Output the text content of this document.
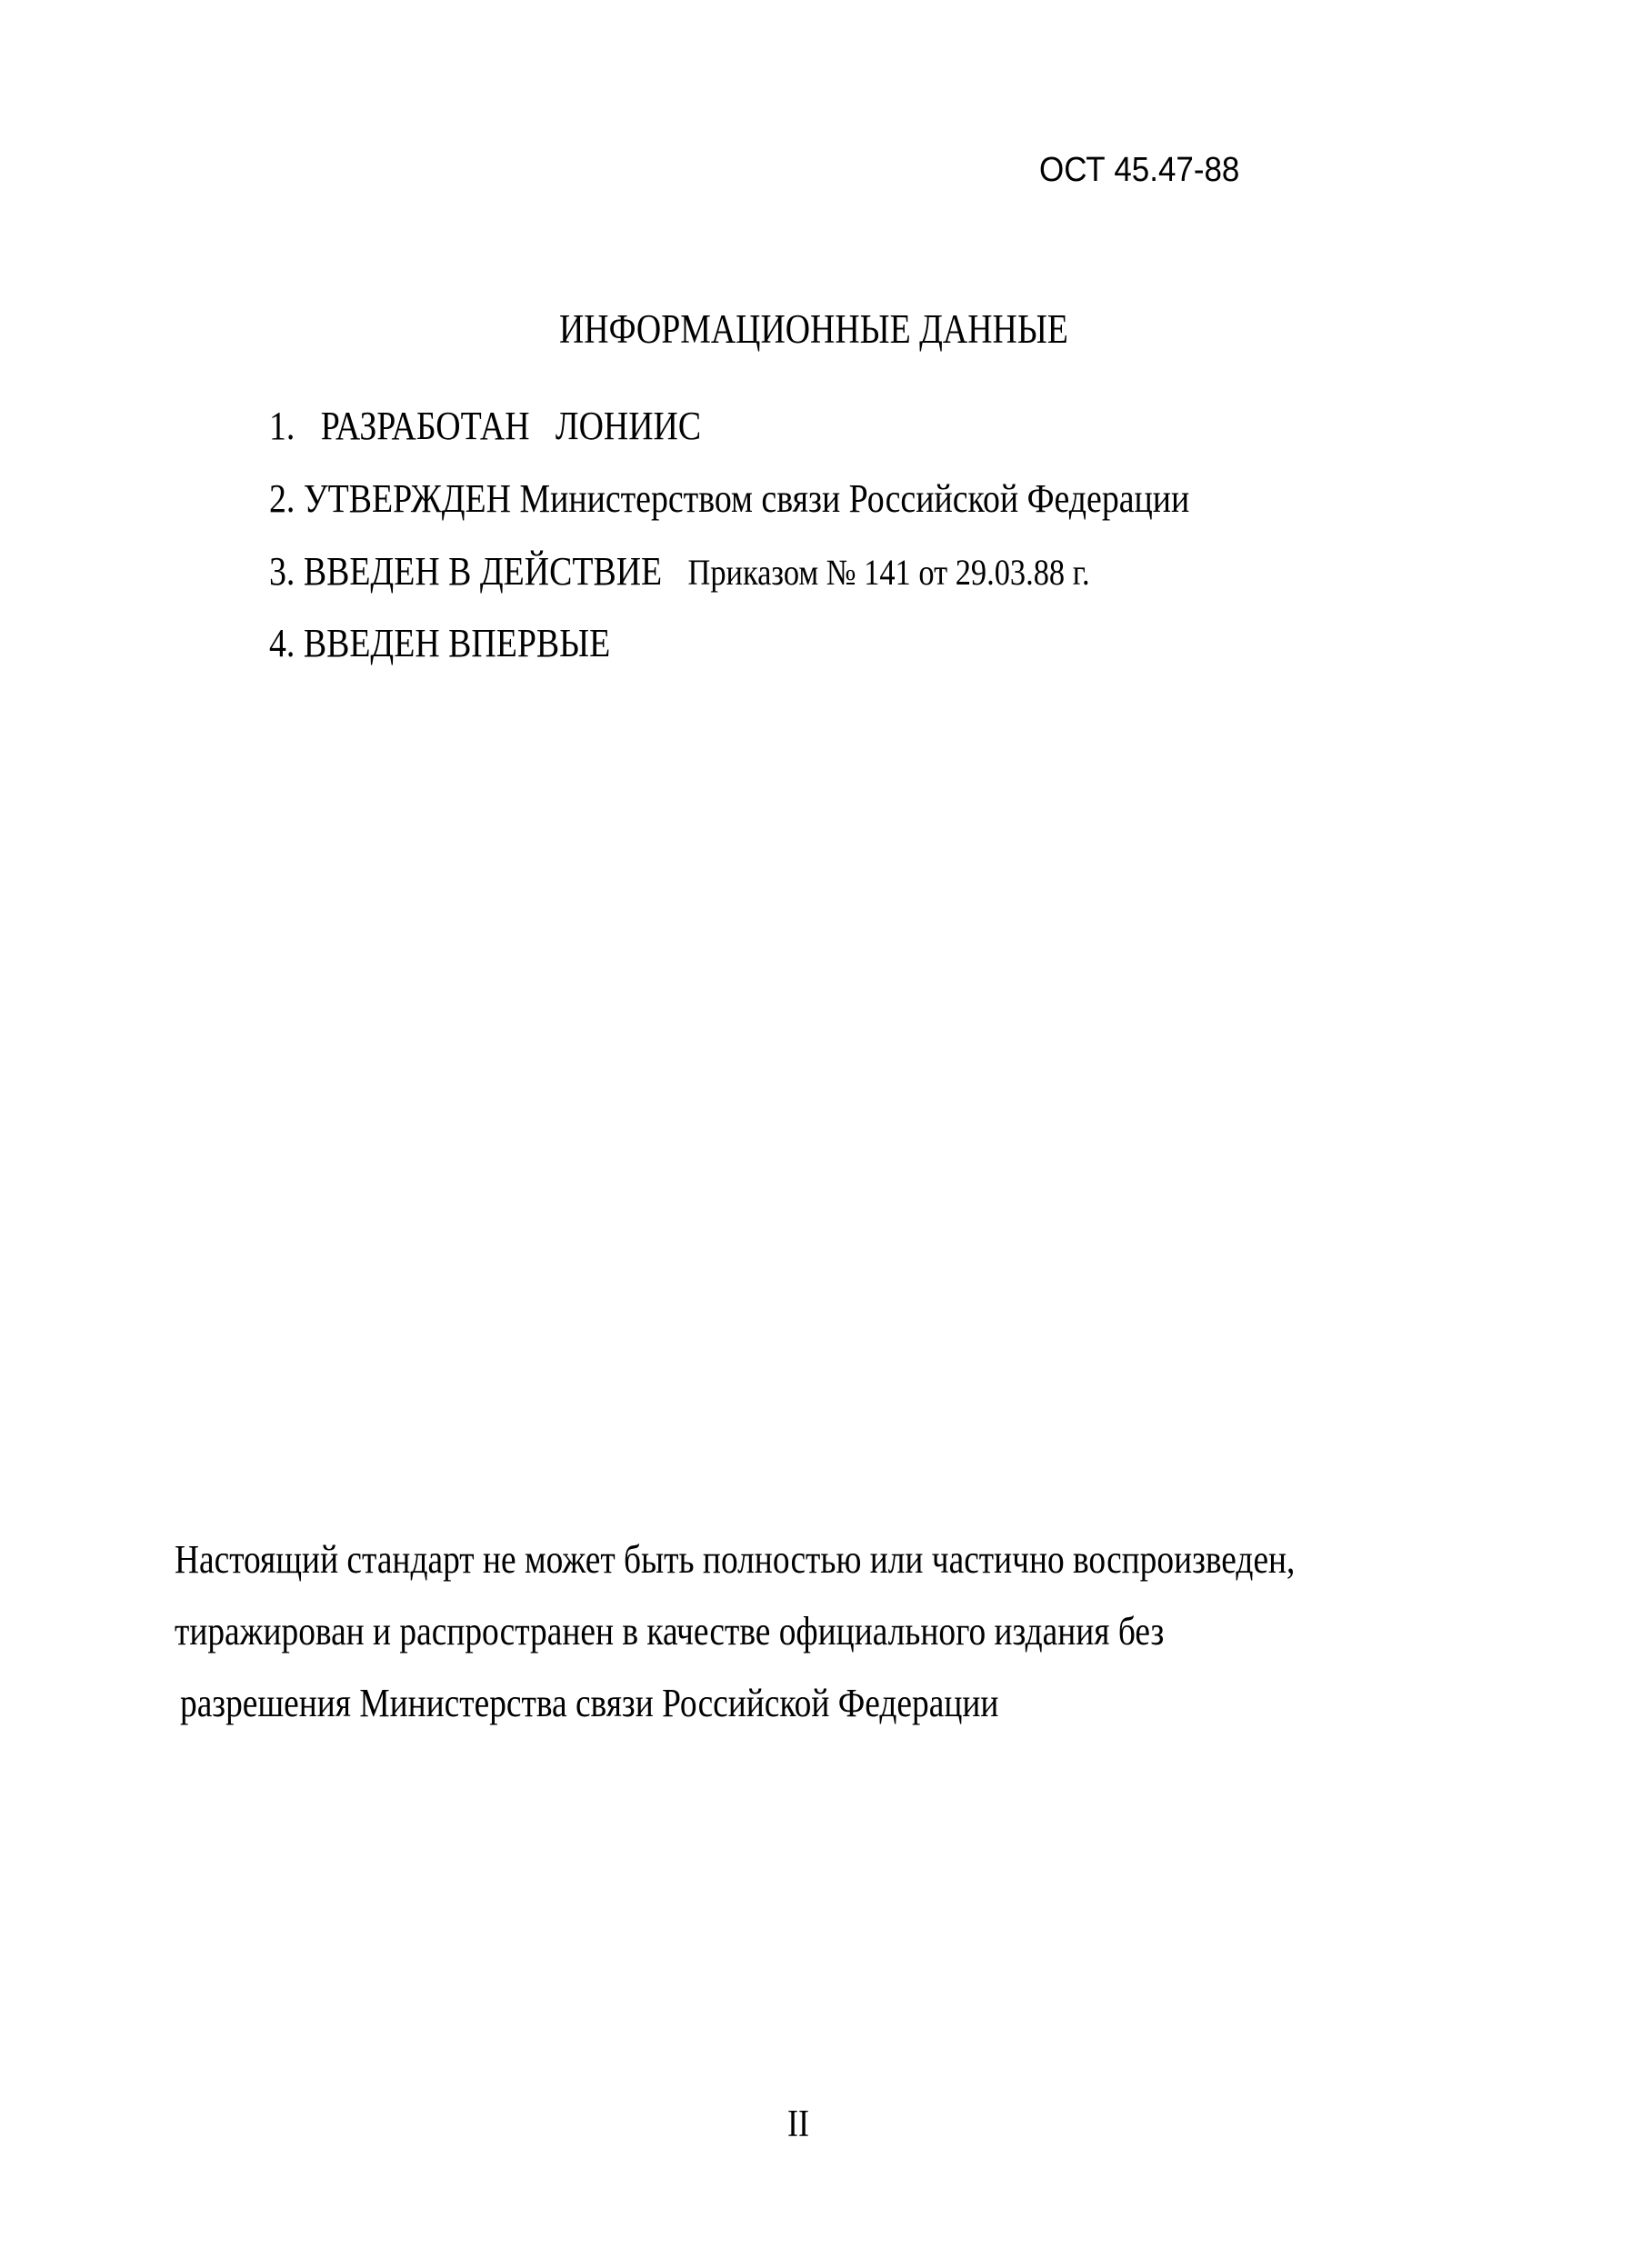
ОСТ 45.47-88
ИНФОРМАЦИОННЫЕ ДАННЫЕ
1. РАЗРАБОТАН ЛОНИИС
2. УТВЕРЖДЕН Министерством связи Российской Федерации
3. ВВЕДЕН В ДЕЙСТВИЕ Приказом № 141 от 29.03.88 г.
4. ВВЕДЕН ВПЕРВЫЕ
Настоящий стандарт не может быть полностью или частично воспроизведен,
тиражирован и распространен в качестве официального издания без
разрешения Министерства связи Российской Федерации
II
